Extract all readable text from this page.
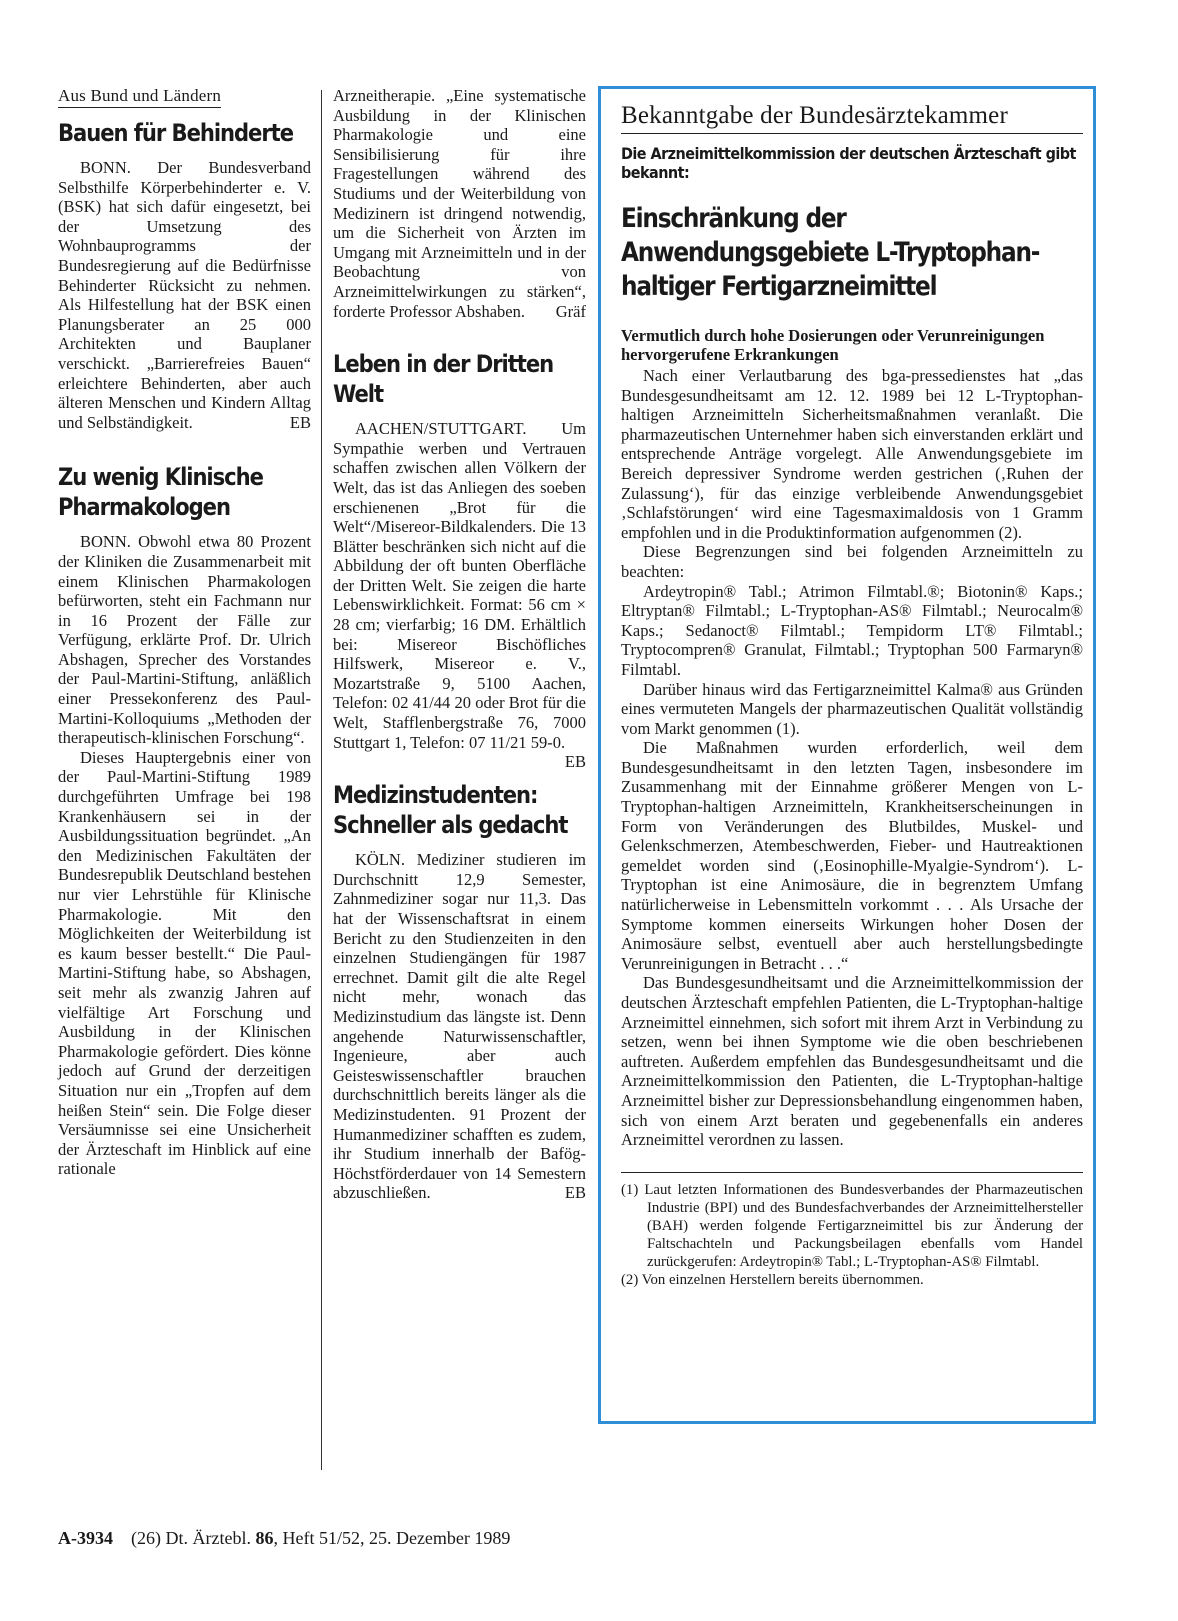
Aus Bund und Ländern
Bauen für Behinderte

BONN. Der Bundesverband Selbsthilfe Körperbehinderter e. V. (BSK) hat sich dafür eingesetzt, bei der Umsetzung des Wohnbauprogramms der Bundesregierung auf die Bedürfnisse Behinderter Rücksicht zu nehmen. Als Hilfestellung hat der BSK einen Planungsberater an 25 000 Architekten und Bauplaner verschickt. „Barrierefreies Bauen“ erleichtere Behinderten, aber auch älteren Menschen und Kindern Alltag und Selbständigkeit.	EB

Zu wenig Klinische Pharmakologen

BONN. Obwohl etwa 80 Prozent der Kliniken die Zusammenarbeit mit einem Klinischen Pharmakologen befürworten, steht ein Fachmann nur in 16 Prozent der Fälle zur Verfügung, erklärte Prof. Dr. Ulrich Abshagen, Sprecher des Vorstandes der Paul-Martini-Stiftung, anläßlich einer Pressekonferenz des Paul-Martini-Kolloquiums „Methoden der therapeutisch-klinischen Forschung“.

Dieses Hauptergebnis einer von der Paul-Martini-Stiftung 1989 durchgeführten Umfrage bei 198 Krankenhäusern sei in der Ausbildungssituation begründet. „An den Medizinischen Fakultäten der Bundesrepublik Deutschland bestehen nur vier Lehrstühle für Klinische Pharmakologie. Mit den Möglichkeiten der Weiterbildung ist es kaum besser bestellt.“ Die Paul-Martini-Stiftung habe, so Abshagen, seit mehr als zwanzig Jahren auf vielfältige Art Forschung und Ausbildung in der Klinischen Pharmakologie gefördert. Dies könne jedoch auf Grund der derzeitigen Situation nur ein „Tropfen auf dem heißen Stein“ sein. Die Folge dieser Versäumnisse sei eine Unsicherheit der Ärzteschaft im Hinblick auf eine rationale

Arzneitherapie. „Eine systematische Ausbildung in der Klinischen Pharmakologie und eine Sensibilisierung für ihre Fragestellungen während des Studiums und der Weiterbildung von Medizinern ist dringend notwendig, um die Sicherheit von Ärzten im Umgang mit Arzneimitteln und in der Beobachtung von Arzneimittelwirkungen zu stärken“, forderte Professor Abshaben. Gräf

Leben in der Dritten Welt

AACHEN/STUTTGART. Um Sympathie werben und Vertrauen schaffen zwischen allen Völkern der Welt, das ist das Anliegen des soeben erschienenen „Brot für die Welt“/Misereor-Bildkalenders. Die 13 Blätter beschränken sich nicht auf die Abbildung der oft bunten Oberfläche der Dritten Welt. Sie zeigen die harte Lebenswirklichkeit. Format: 56 cm × 28 cm; vierfarbig; 16 DM. Erhältlich bei: Misereor Bischöfliches Hilfswerk, Misereor e. V., Mozartstraße 9, 5100 Aachen, Telefon: 02 41/44 20 oder Brot für die Welt, Stafflenbergstraße 76, 7000 Stuttgart 1, Telefon: 07 11/21 59-0.
EB

Medizinstudenten: Schneller als gedacht

KÖLN. Mediziner studieren im Durchschnitt 12,9 Semester, Zahnmediziner sogar nur 11,3. Das hat der Wissenschaftsrat in einem Bericht zu den Studienzeiten in den einzelnen Studiengängen für 1987 errechnet. Damit gilt die alte Regel nicht mehr, wonach das Medizinstudium das längste ist. Denn angehende Naturwissenschaftler, Ingenieure, aber auch Geisteswissenschaftler brauchen durchschnittlich bereits länger als die Medizinstudenten. 91 Prozent der Humanmediziner schafften es zudem, ihr Studium innerhalb der Bafög-Höchstförderdauer von 14 Semestern abzuschließen.	EB

Bekanntgabe der Bundesärztekammer
Die Arzneimittelkommission der deutschen Ärzteschaft gibt bekannt:
Einschränkung der Anwendungsgebiete L-Tryptophan-haltiger Fertigarzneimittel
Vermutlich durch hohe Dosierungen oder Verunreinigungen hervorgerufene Erkrankungen

Nach einer Verlautbarung des bga-pressedienstes hat „das Bundesgesundheitsamt am 12. 12. 1989 bei 12 L-Tryptophan-haltigen Arzneimitteln Sicherheitsmaßnahmen veranlaßt. Die pharmazeutischen Unternehmer haben sich einverstanden erklärt und entsprechende Anträge vorgelegt. Alle Anwendungsgebiete im Bereich depressiver Syndrome werden gestrichen (‚Ruhen der Zulassung‘), für das einzige verbleibende Anwendungsgebiet ‚Schlafstörungen‘ wird eine Tagesmaximaldosis von 1 Gramm empfohlen und in die Produktinformation aufgenommen (2).

Diese Begrenzungen sind bei folgenden Arzneimitteln zu beachten:

Ardeytropin® Tabl.; Atrimon Filmtabl.®; Biotonin® Kaps.; Eltryptan® Filmtabl.; L-Tryptophan-AS® Filmtabl.; Neurocalm® Kaps.; Sedanoct® Filmtabl.; Tempidorm LT® Filmtabl.; Tryptocompren® Granulat, Filmtabl.; Tryptophan 500 Farmaryn® Filmtabl.

Darüber hinaus wird das Fertigarzneimittel Kalma® aus Gründen eines vermuteten Mangels der pharmazeutischen Qualität vollständig vom Markt genommen (1).

Die Maßnahmen wurden erforderlich, weil dem Bundesgesundheitsamt in den letzten Tagen, insbesondere im Zusammenhang mit der Einnahme größerer Mengen von L-Tryptophan-haltigen Arzneimitteln, Krankheitserscheinungen in Form von Veränderungen des Blutbildes, Muskel- und Gelenkschmerzen, Atembeschwerden, Fieber- und Hautreaktionen gemeldet worden sind (‚Eosinophille-Myalgie-Syndrom‘). L-Tryptophan ist eine Animosäure, die in begrenztem Umfang natürlicherweise in Lebensmitteln vorkommt . . . Als Ursache der Symptome kommen einerseits Wirkungen hoher Dosen der Animosäure selbst, eventuell aber auch herstellungsbedingte Verunreinigungen in Betracht . . .“

Das Bundesgesundheitsamt und die Arzneimittelkommission der deutschen Ärzteschaft empfehlen Patienten, die L-Tryptophan-haltige Arzneimittel einnehmen, sich sofort mit ihrem Arzt in Verbindung zu setzen, wenn bei ihnen Symptome wie die oben beschriebenen auftreten. Außerdem empfehlen das Bundesgesundheitsamt und die Arzneimittelkommission den Patienten, die L-Tryptophan-haltige Arzneimittel bisher zur Depressionsbehandlung eingenommen haben, sich von einem Arzt beraten und gegebenenfalls ein anderes Arzneimittel verordnen zu lassen.

(1) Laut letzten Informationen des Bundesverbandes der Pharmazeutischen Industrie (BPI) und des Bundesfachverbandes der Arzneimittelhersteller (BAH) werden folgende Fertigarzneimittel bis zur Änderung der Faltschachteln und Packungsbeilagen ebenfalls vom Handel zurückgerufen: Ardeytropin® Tabl.; L-Tryptophan-AS® Filmtabl.

(2) Von einzelnen Herstellern bereits übernommen.

A-3934 (26) Dt. Ärztebl. 86, Heft 51/52, 25. Dezember 1989
